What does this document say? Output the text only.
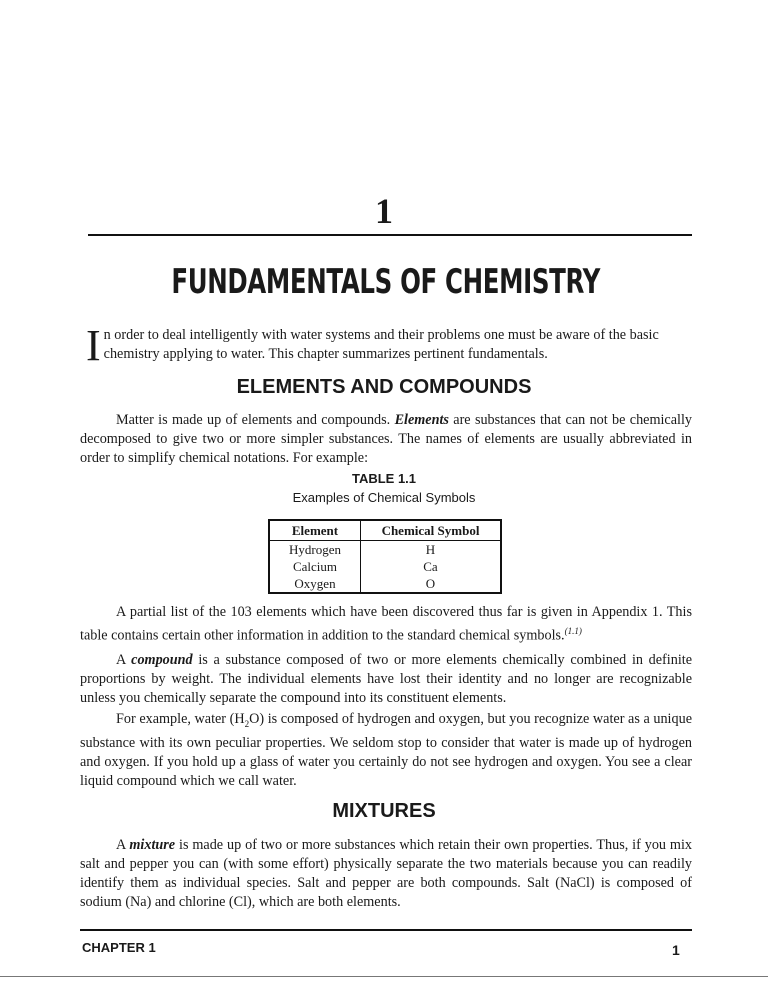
1
FUNDAMENTALS OF CHEMISTRY
In order to deal intelligently with water systems and their problems one must be aware of the basic chemistry applying to water. This chapter summarizes pertinent fundamentals.
ELEMENTS AND COMPOUNDS
Matter is made up of elements and compounds. Elements are substances that can not be chemically decomposed to give two or more simpler substances. The names of elements are usually abbreviated in order to simplify chemical notations. For example:
TABLE 1.1
Examples of Chemical Symbols
Element	Chemical Symbol
Hydrogen	H
Calcium	Ca
Oxygen	O
A partial list of the 103 elements which have been discovered thus far is given in Appendix 1. This table contains certain other information in addition to the standard chemical symbols.$^{(1.1)}$
A compound is a substance composed of two or more elements chemically combined in definite proportions by weight. The individual elements have lost their identity and no longer are recognizable unless you chemically separate the compound into its constituent elements.
For example, water $(H_2O)$ is composed of hydrogen and oxygen, but you recognize water as a unique substance with its own peculiar properties. We seldom stop to consider that water is made up of hydrogen and oxygen. If you hold up a glass of water you certainly do not see hydrogen and oxygen. You see a clear liquid compound which we call water.
MIXTURES
A mixture is made up of two or more substances which retain their own properties. Thus, if you mix salt and pepper you can (with some effort) physically separate the two materials because you can readily identify them as individual species. Salt and pepper are both compounds. Salt (NaCl) is composed of sodium (Na) and chlorine (Cl), which are both elements.
CHAPTER 1	1
